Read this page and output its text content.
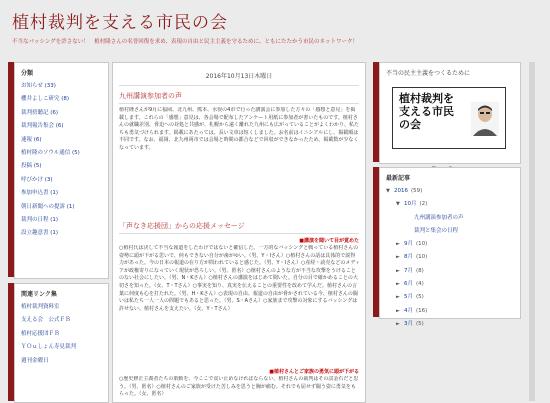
植村裁判を支える市民の会
不当なバッシングを許さない！　植村隆さんの名誉回復を求め、表現の自由と民主主義を守るために、ともにたたかう市民のネットワーク！
分類
お知らせ (33)
櫻井よしこ研究 (8)
裁判傍聴記 (6)
裁判報告集会 (6)
速報 (6)
植村隆のソウル通信 (5)
投稿 (5)
呼びかけ (3)
参加申込書 (1)
朝日新聞への提訴 (1)
裁判の日程 (1)
設立趣意書 (1)
関連リンク集
植村裁判資料室
支える会　公式ＦＢ
植村応援団ＦＢ
ＹＯｕしょん寿見裁判
週刊金曜日
2016年10月13日木曜日
九州講演参加者の声
植村隆さんが9月に福岡、北九州、熊本、水俣の4市で行った講演会に参加した方々の「感想と意見」を掲載します。これらの「感想」意見は、各会場で配布したアンケート用紙に参加者が書いたものです。植村さんの就職差別、脅迫への対処と共感が、札幌から遠く離れた九州にも広がっていることがよくわかり、私たちも勇気づけられます。掲載にあたっては、長い文章は短くしました。お名前はイニシアルにし、掲載順は不同です。なお、福岡、北九州両市では会場と時間の都合などで回収ができなかったため、掲載数が少なくなっています。
「声なき応援団」からの応援メッセージ
■講演を聞いて目が覚めた
○植村氏は決して不当な報道をしたわけではないと確信した。一方的なバッシングと戦っている植村さんの姿勢に頭が下がる思いで、何もできない自分が歯がゆい。（男、Y・Iさん）○植村さんの話は具体的で説得力があった。今の日本の報道の在り方が問われていると感じた。（男、Y・Iさん）○産経・読売などのメディアが政権寄りになっていく現状が恐ろしい。（男、匿名）○植村さんのような方が不当な攻撃をうけることのない社会にしたい。（男、N・Kさん）○植村さんの講演をはじめて聞いた。自分の目で確かめることの大切さを知った。（女、T・Tさん）○事実を知り、真実を伝えることの重要性を改めて学んだ。植村さんの言葉に何度も心を打たれた。（男、H・Kさん）○表現の自由、報道の自由が脅かされている今、植村さんの闘いは私たち一人一人の問題でもあると思った。（男、S・Aさん）○家族まで攻撃の対象にするバッシングは許せない。植村さんを支えたい。（女、Y・Tさん）
■植村さんとご家族の勇気に頭が下がる
○歴史修正主義者たちの策動を、今ここで食い止めなければならない。植村さんの裁判はその試金石だと思う。（男、匿名）○植村さんのご家族が受けた苦しみを思うと胸が痛む。それでも屈せず闘う姿に勇気をもらった。（女、匿名）
不当の民主主義をつくるために
植村裁判を支える市民の会
最新記事
▼ 2016 (59)
▼ 10月 (2)
九州講演参加者の声
裁判と集会の日程
► 9月 (10)
► 8月 (10)
► 7月 (8)
► 6月 (4)
► 5月 (5)
► 4月 (16)
► 3月 (5)
